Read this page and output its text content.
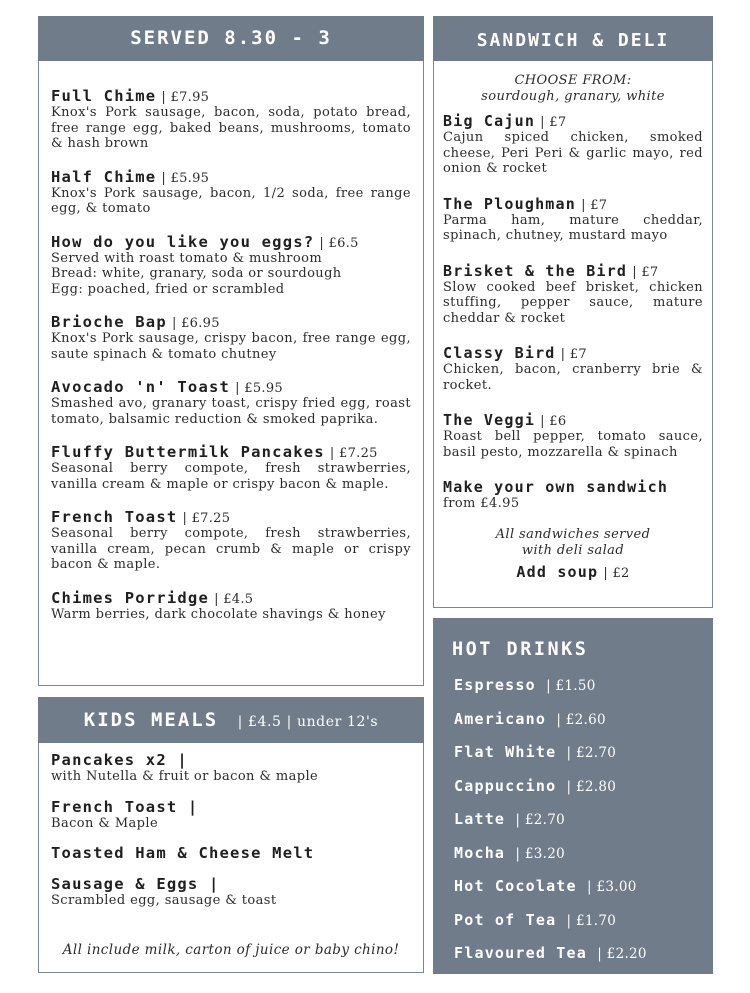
SERVED 8.30 - 3
Full Chime | £7.95
Knox's Pork sausage, bacon, soda, potato bread, free range egg, baked beans, mushrooms, tomato & hash brown
Half Chime | £5.95
Knox's Pork sausage, bacon, 1/2 soda, free range egg, & tomato
How do you like you eggs? | £6.5
Served with roast tomato & mushroom
Bread: white, granary, soda or sourdough
Egg: poached, fried or scrambled
Brioche Bap | £6.95
Knox's Pork sausage, crispy bacon, free range egg, saute spinach & tomato chutney
Avocado 'n' Toast | £5.95
Smashed avo, granary toast, crispy fried egg, roast tomato, balsamic reduction & smoked paprika.
Fluffy Buttermilk Pancakes | £7.25
Seasonal berry compote, fresh strawberries, vanilla cream & maple or crispy bacon & maple.
French Toast | £7.25
Seasonal berry compote, fresh strawberries, vanilla cream, pecan crumb & maple or crispy bacon & maple.
Chimes Porridge | £4.5
Warm berries, dark chocolate shavings & honey
KIDS MEALS | £4.5 | under 12's
Pancakes x2 |
with Nutella & fruit or bacon & maple
French Toast |
Bacon & Maple
Toasted Ham & Cheese Melt
Sausage & Eggs |
Scrambled egg, sausage & toast
All include milk, carton of juice or baby chino!
SANDWICH & DELI
CHOOSE FROM:
sourdough, granary, white
Big Cajun | £7
Cajun spiced chicken, smoked cheese, Peri Peri & garlic mayo, red onion & rocket
The Ploughman | £7
Parma ham, mature cheddar, spinach, chutney, mustard mayo
Brisket & the Bird | £7
Slow cooked beef brisket, chicken stuffing, pepper sauce, mature cheddar & rocket
Classy Bird | £7
Chicken, bacon, cranberry brie & rocket.
The Veggi | £6
Roast bell pepper, tomato sauce, basil pesto, mozzarella & spinach
Make your own sandwich
from £4.95
All sandwiches served
with deli salad
Add soup | £2
HOT DRINKS
Espresso | £1.50
Americano | £2.60
Flat White | £2.70
Cappuccino | £2.80
Latte | £2.70
Mocha | £3.20
Hot Cocolate | £3.00
Pot of Tea | £1.70
Flavoured Tea | £2.20
